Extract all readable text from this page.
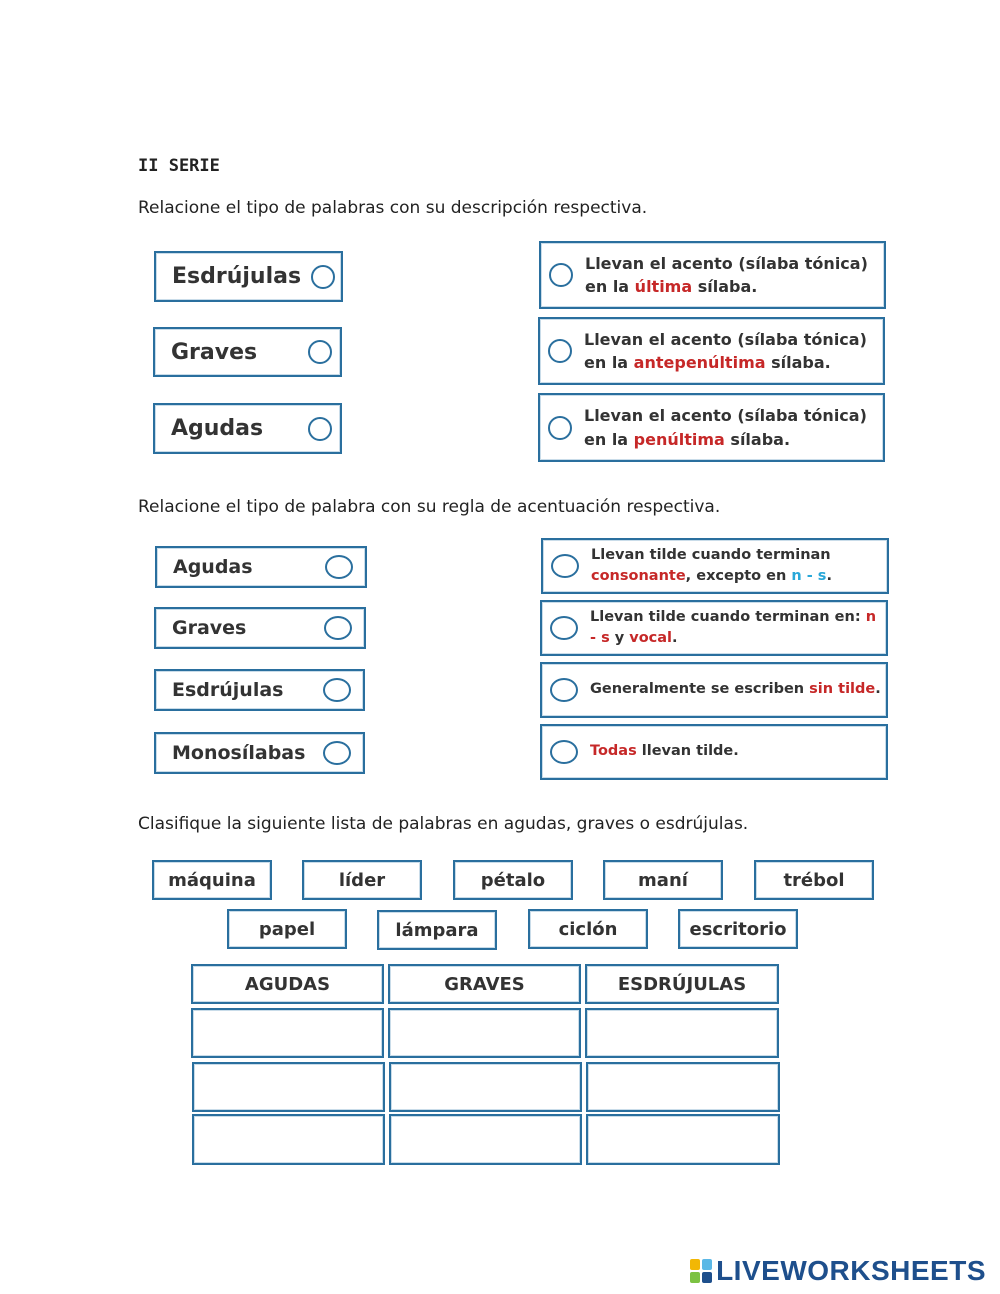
II SERIE
Relacione el tipo de palabras con su descripción respectiva.
Esdrújulas
Graves
Agudas
Llevan el acento (sílaba tónica) en la última sílaba.
Llevan el acento (sílaba tónica) en la antepenúltima sílaba.
Llevan el acento (sílaba tónica) en la penúltima sílaba.
Relacione el tipo de palabra con su regla de acentuación respectiva.
Agudas
Graves
Esdrújulas
Monosílabas
Llevan tilde cuando terminan consonante, excepto en n - s.
Llevan tilde cuando terminan en: n - s y vocal.
Generalmente se escriben sin tilde.
Todas llevan tilde.
Clasifique la siguiente lista de palabras en agudas, graves o esdrújulas.
máquina	líder	pétalo	maní	trébol
papel	lámpara	ciclón	escritorio
AGUDAS	GRAVES	ESDRÚJULAS
LIVEWORKSHEETS
